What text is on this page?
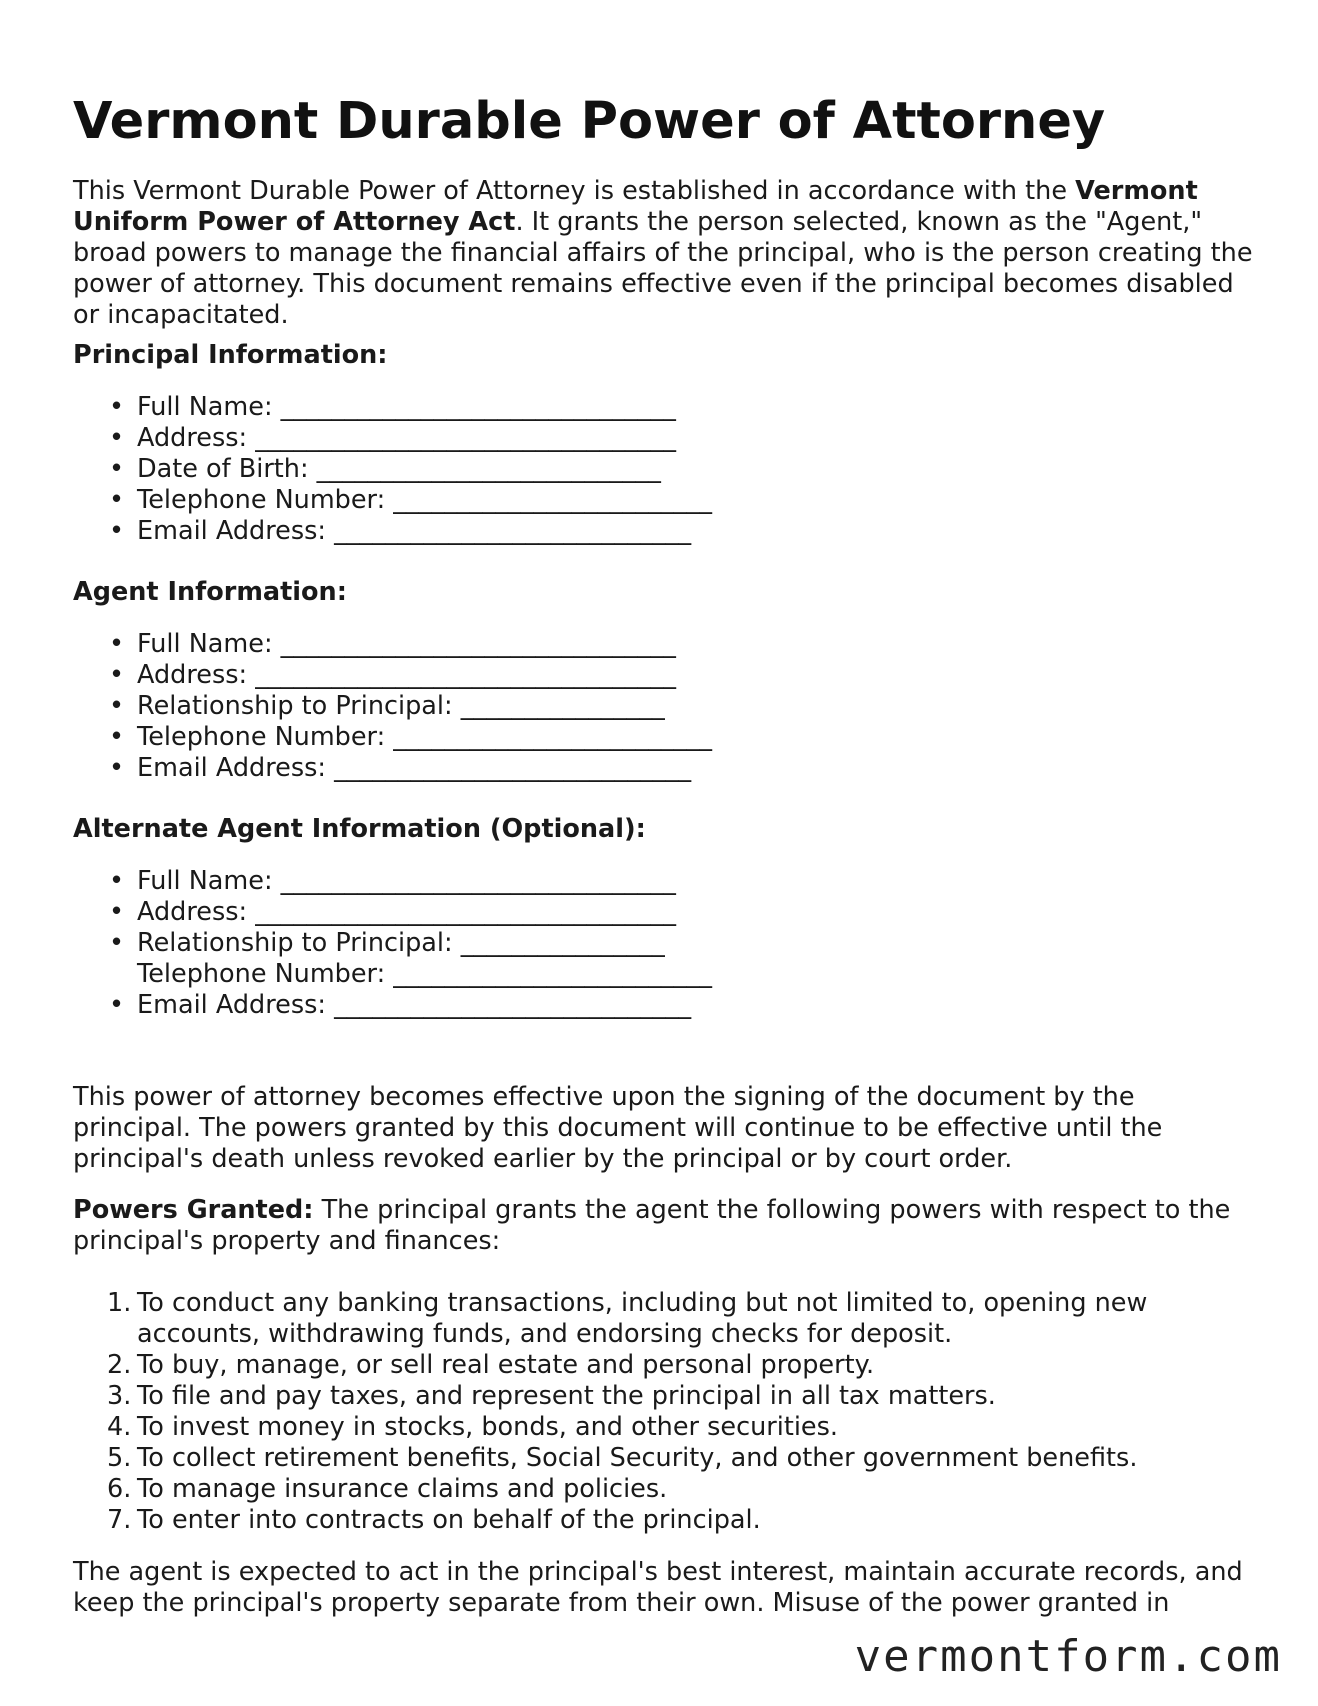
Vermont Durable Power of Attorney

This Vermont Durable Power of Attorney is established in accordance with the Vermont Uniform Power of Attorney Act. It grants the person selected, known as the "Agent," broad powers to manage the financial affairs of the principal, who is the person creating the power of attorney. This document remains effective even if the principal becomes disabled or incapacitated.

Principal Information:

• Full Name: _______________________________
• Address: _________________________________
• Date of Birth: ___________________________
• Telephone Number: _________________________
• Email Address: ____________________________

Agent Information:

• Full Name: _______________________________
• Address: _________________________________
• Relationship to Principal: ________________
• Telephone Number: _________________________
• Email Address: ____________________________

Alternate Agent Information (Optional):

• Full Name: _______________________________
• Address: _________________________________
• Relationship to Principal: ________________
Telephone Number: _________________________
• Email Address: ____________________________

This power of attorney becomes effective upon the signing of the document by the principal. The powers granted by this document will continue to be effective until the principal's death unless revoked earlier by the principal or by court order.

Powers Granted: The principal grants the agent the following powers with respect to the principal's property and finances:

1. To conduct any banking transactions, including but not limited to, opening new accounts, withdrawing funds, and endorsing checks for deposit.
2. To buy, manage, or sell real estate and personal property.
3. To file and pay taxes, and represent the principal in all tax matters.
4. To invest money in stocks, bonds, and other securities.
5. To collect retirement benefits, Social Security, and other government benefits.
6. To manage insurance claims and policies.
7. To enter into contracts on behalf of the principal.

The agent is expected to act in the principal's best interest, maintain accurate records, and keep the principal's property separate from their own. Misuse of the power granted in

vermontform.com
